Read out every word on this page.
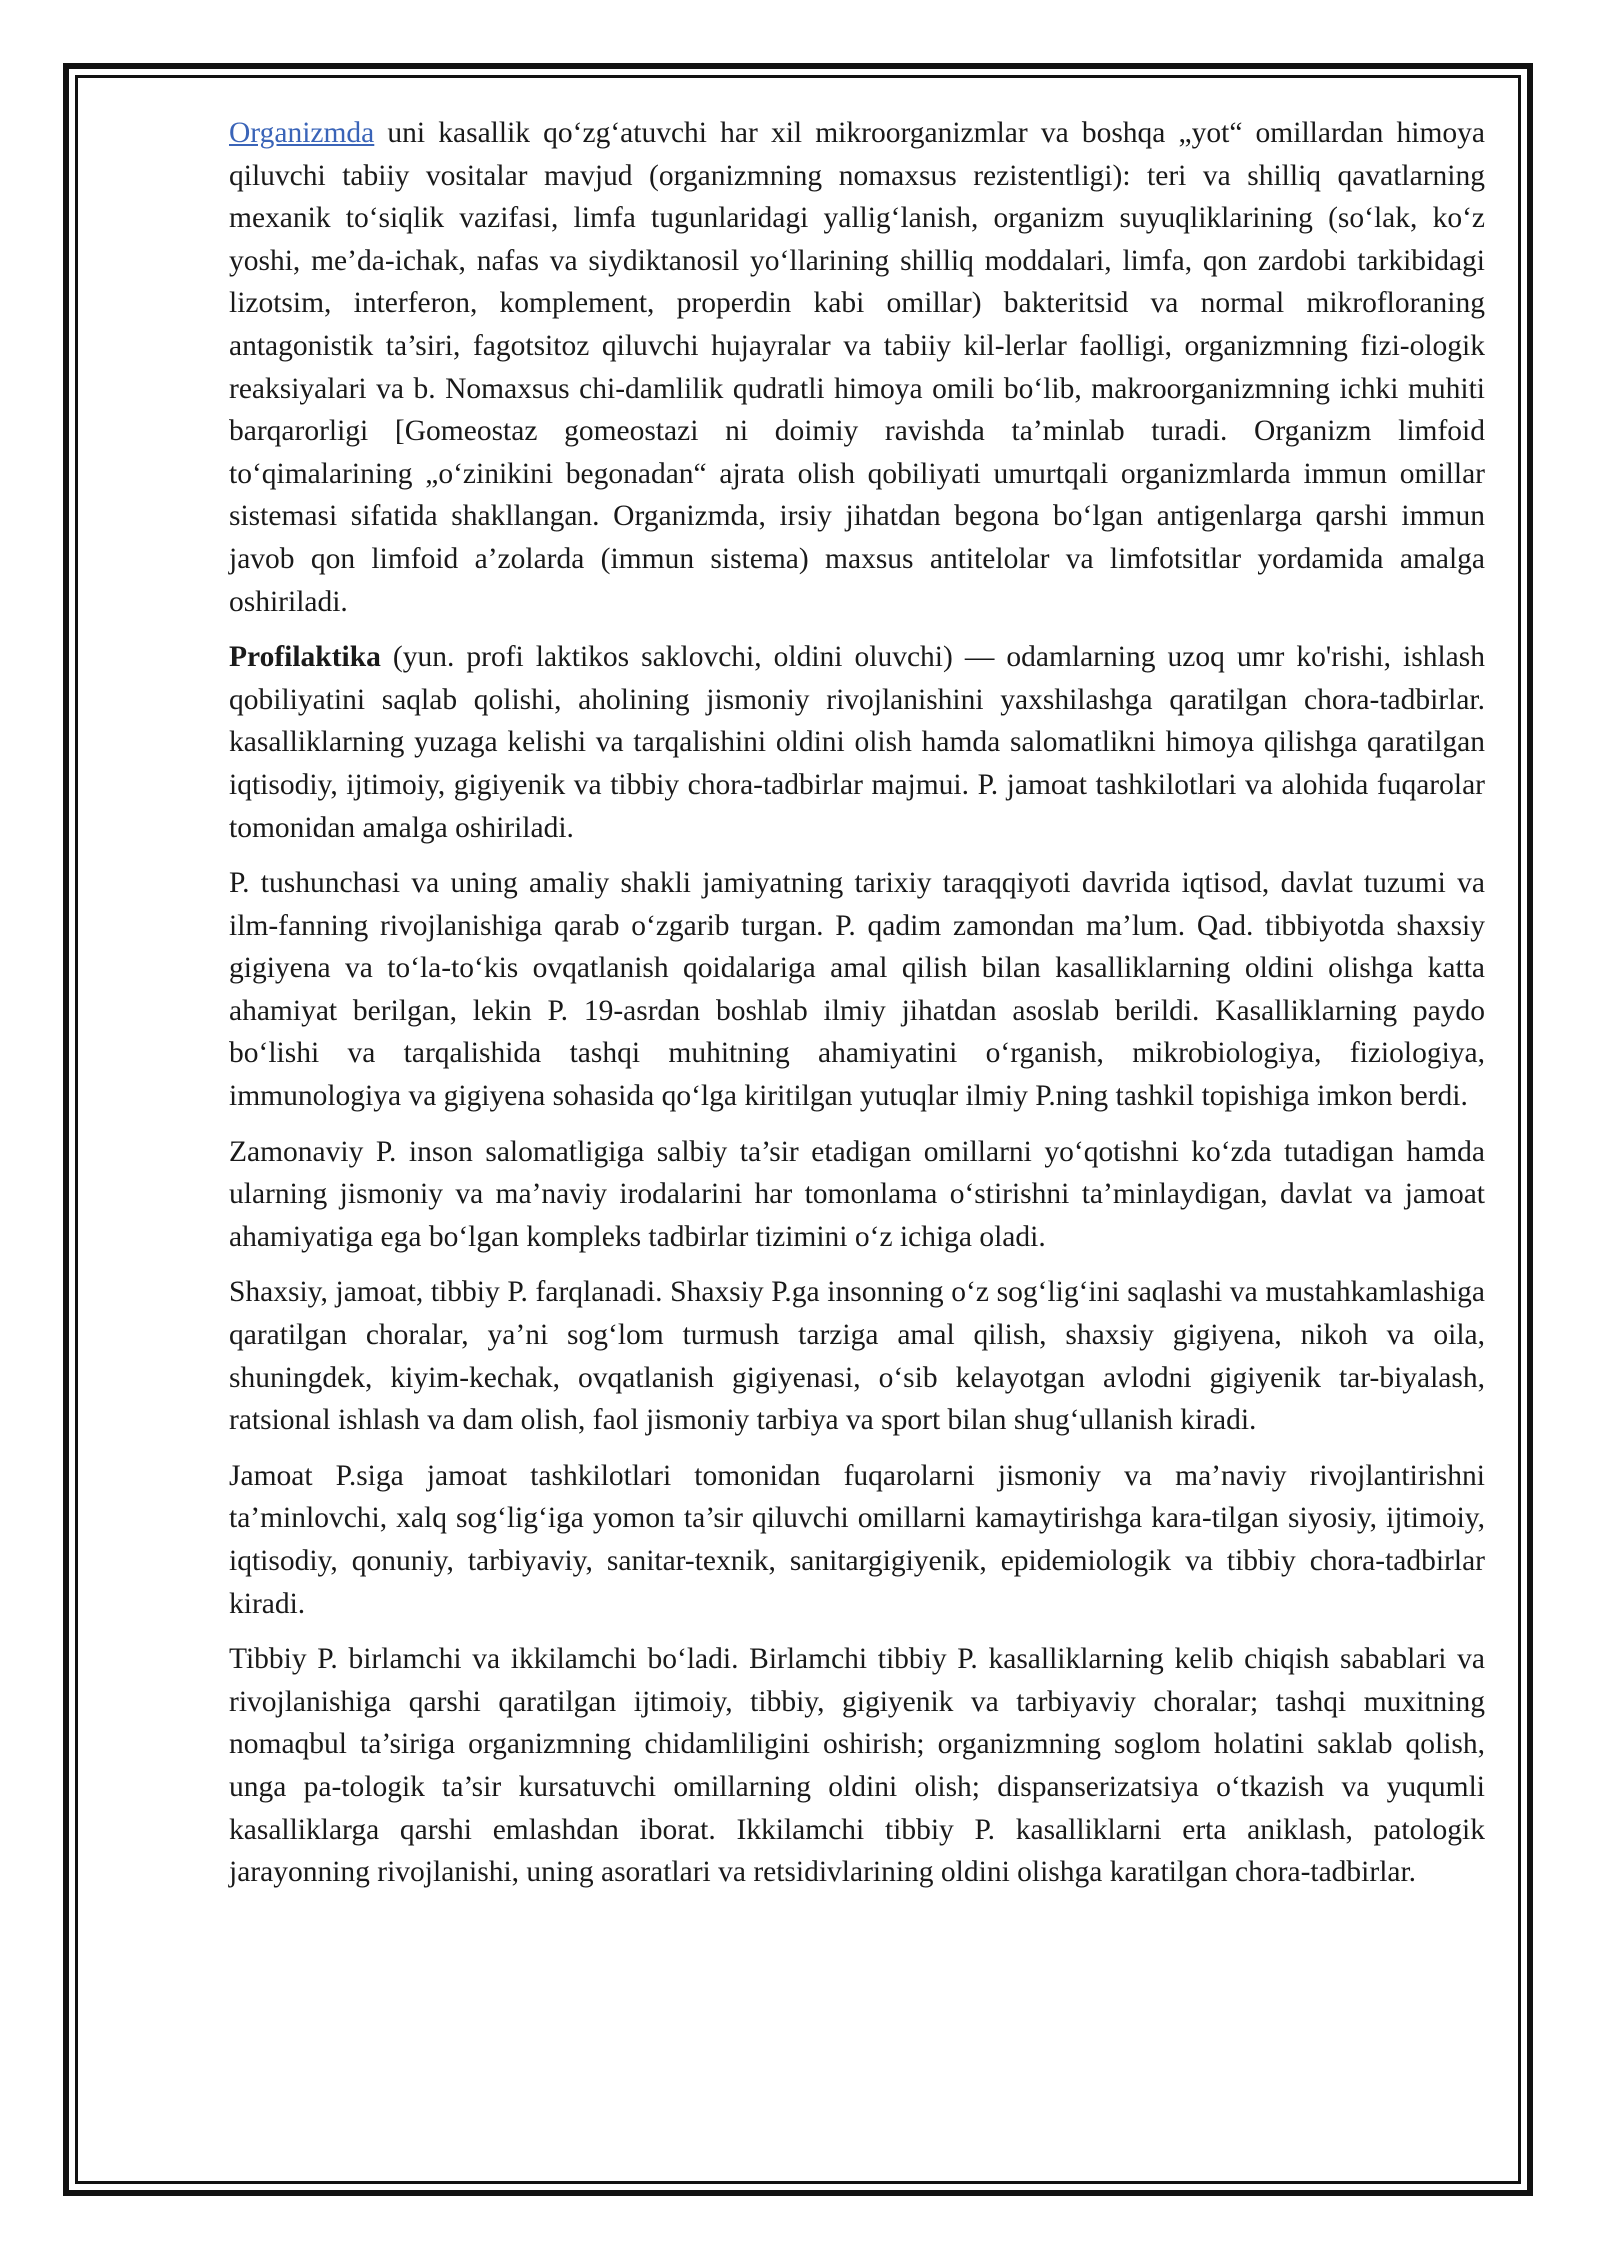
Organizmda uni kasallik qo‘zg‘atuvchi har xil mikroorganizmlar va boshqa „yot“ omillardan himoya qiluvchi tabiiy vositalar mavjud (organizmning nomaxsus rezistentligi): teri va shilliq qavatlarning mexanik to‘siqlik vazifasi, limfa tugunlaridagi yallig‘lanish, organizm suyuqliklarining (so‘lak, ko‘z yoshi, me’da-ichak, nafas va siydiktanosil yo‘llarining shilliq moddalari, limfa, qon zardobi tarkibidagi lizotsim, interferon, komplement, properdin kabi omillar) bakteritsid va normal mikrofloraning antagonistik ta’siri, fagotsitoz qiluvchi hujayralar va tabiiy kil-lerlar faolligi, organizmning fizi-ologik reaksiyalari va b. Nomaxsus chi-damlilik qudratli himoya omili bo‘lib, makroorganizmning ichki muhiti barqarorligi [Gomeostaz gomeostazi ni doimiy ravishda ta’minlab turadi. Organizm limfoid to‘qimalarining „o‘zinikini begonadan“ ajrata olish qobiliyati umurtqali organizmlarda immun omillar sistemasi sifatida shakllangan. Organizmda, irsiy jihatdan begona bo‘lgan antigenlarga qarshi immun javob qon limfoid a’zolarda (immun sistema) maxsus antitelolar va limfotsitlar yordamida amalga oshiriladi.

Profilaktika (yun. profi laktikos saklovchi, oldini oluvchi) — odamlarning uzoq umr ko'rishi, ishlash qobiliyatini saqlab qolishi, aholining jismoniy rivojlanishini yaxshilashga qaratilgan chora-tadbirlar. kasalliklarning yuzaga kelishi va tarqalishini oldini olish hamda salomatlikni himoya qilishga qaratilgan iqtisodiy, ijtimoiy, gigiyenik va tibbiy chora-tadbirlar majmui. P. jamoat tashkilotlari va alohida fuqarolar tomonidan amalga oshiriladi.

P. tushunchasi va uning amaliy shakli jamiyatning tarixiy taraqqiyoti davrida iqtisod, davlat tuzumi va ilm-fanning rivojlanishiga qarab o‘zgarib turgan. P. qadim zamondan ma’lum. Qad. tibbiyotda shaxsiy gigiyena va to‘la-to‘kis ovqatlanish qoidalariga amal qilish bilan kasalliklarning oldini olishga katta ahamiyat berilgan, lekin P. 19-asrdan boshlab ilmiy jihatdan asoslab berildi. Kasalliklarning paydo bo‘lishi va tarqalishida tashqi muhitning ahamiyatini o‘rganish, mikrobiologiya, fiziologiya, immunologiya va gigiyena sohasida qo‘lga kiritilgan yutuqlar ilmiy P.ning tashkil topishiga imkon berdi.

Zamonaviy P. inson salomatligiga salbiy ta’sir etadigan omillarni yo‘qotishni ko‘zda tutadigan hamda ularning jismoniy va ma’naviy irodalarini har tomonlama o‘stirishni ta’minlaydigan, davlat va jamoat ahamiyatiga ega bo‘lgan kompleks tadbirlar tizimini o‘z ichiga oladi.

Shaxsiy, jamoat, tibbiy P. farqlanadi. Shaxsiy P.ga insonning o‘z sog‘lig‘ini saqlashi va mustahkamlashiga qaratilgan choralar, ya’ni sog‘lom turmush tarziga amal qilish, shaxsiy gigiyena, nikoh va oila, shuningdek, kiyim-kechak, ovqatlanish gigiyenasi, o‘sib kelayotgan avlodni gigiyenik tar-biyalash, ratsional ishlash va dam olish, faol jismoniy tarbiya va sport bilan shug‘ullanish kiradi.

Jamoat P.siga jamoat tashkilotlari tomonidan fuqarolarni jismoniy va ma’naviy rivojlantirishni ta’minlovchi, xalq sog‘lig‘iga yomon ta’sir qiluvchi omillarni kamaytirishga kara-tilgan siyosiy, ijtimoiy, iqtisodiy, qonuniy, tarbiyaviy, sanitar-texnik, sanitargigiyenik, epidemiologik va tibbiy chora-tadbirlar kiradi.

Tibbiy P. birlamchi va ikkilamchi bo‘ladi. Birlamchi tibbiy P. kasalliklarning kelib chiqish sabablari va rivojlanishiga qarshi qaratilgan ijtimoiy, tibbiy, gigiyenik va tarbiyaviy choralar; tashqi muxitning nomaqbul ta’siriga organizmning chidamliligini oshirish; organizmning soglom holatini saklab qolish, unga pa-tologik ta’sir kursatuvchi omillarning oldini olish; dispanserizatsiya o‘tkazish va yuqumli kasalliklarga qarshi emlashdan iborat. Ikkilamchi tibbiy P. kasalliklarni erta aniklash, patologik jarayonning rivojlanishi, uning asoratlari va retsidivlarining oldini olishga karatilgan chora-tadbirlar.
